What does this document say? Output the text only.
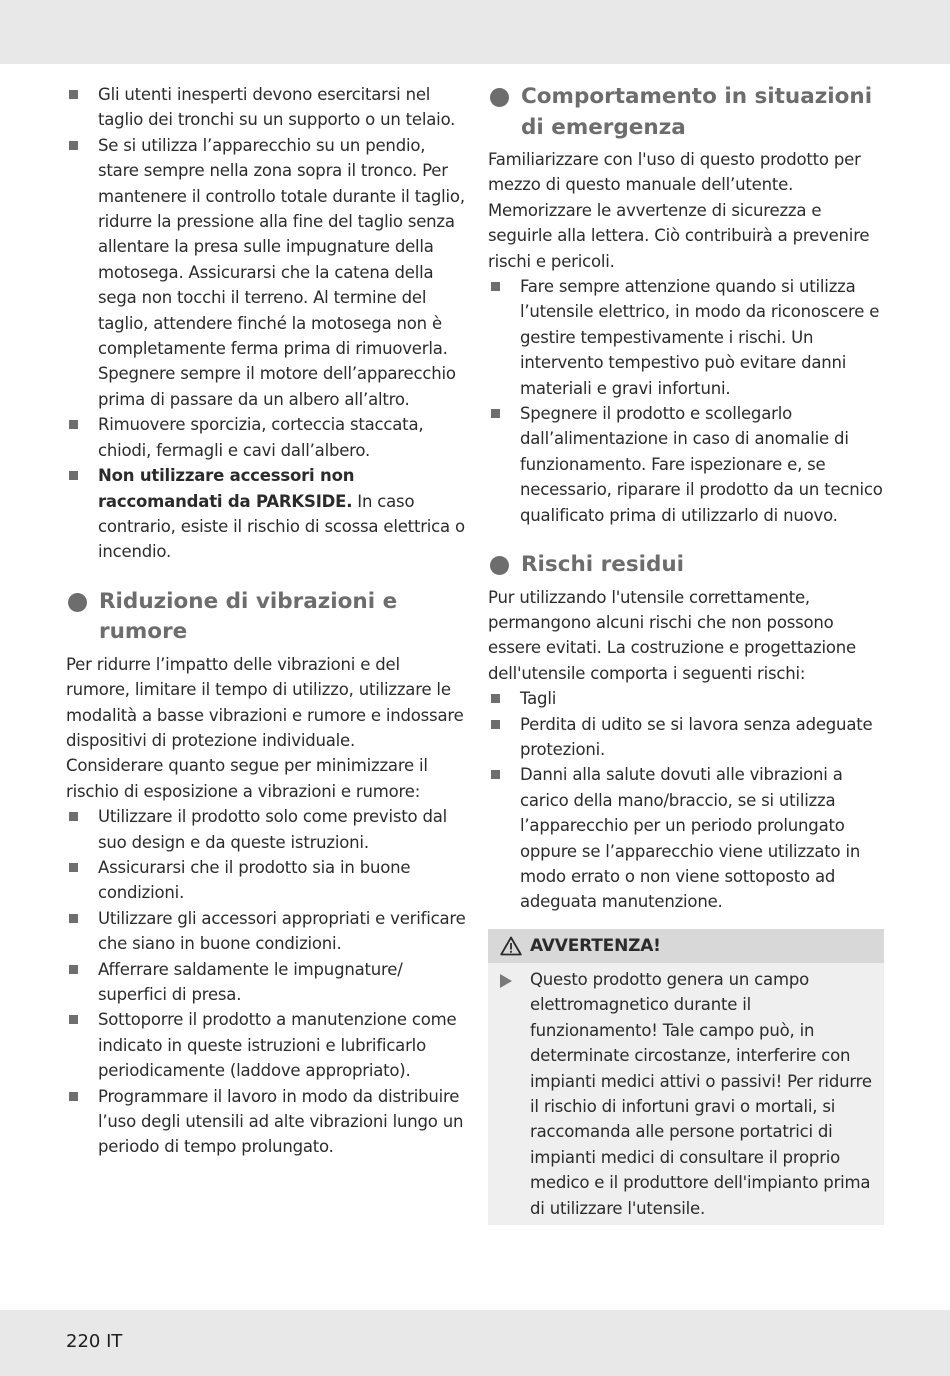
Gli utenti inesperti devono esercitarsi nel taglio dei tronchi su un supporto o un telaio.
Se si utilizza l’apparecchio su un pendio, stare sempre nella zona sopra il tronco. Per mantenere il controllo totale durante il taglio, ridurre la pressione alla fine del taglio senza allentare la presa sulle impugnature della motosega. Assicurarsi che la catena della sega non tocchi il terreno. Al termine del taglio, attendere finché la motosega non è completamente ferma prima di rimuoverla. Spegnere sempre il motore dell’apparecchio prima di passare da un albero all’altro.
Rimuovere sporcizia, corteccia staccata, chiodi, fermagli e cavi dall’albero.
Non utilizzare accessori non raccomandati da PARKSIDE. In caso contrario, esiste il rischio di scossa elettrica o incendio.
Riduzione di vibrazioni e rumore

Per ridurre l’impatto delle vibrazioni e del rumore, limitare il tempo di utilizzo, utilizzare le modalità a basse vibrazioni e rumore e indossare dispositivi di protezione individuale.

Considerare quanto segue per minimizzare il rischio di esposizione a vibrazioni e rumore:

Utilizzare il prodotto solo come previsto dal suo design e da queste istruzioni.
Assicurarsi che il prodotto sia in buone condizioni.
Utilizzare gli accessori appropriati e verificare che siano in buone condizioni.
Afferrare saldamente le impugnature/ superfici di presa.
Sottoporre il prodotto a manutenzione come indicato in queste istruzioni e lubrificarlo periodicamente (laddove appropriato).
Programmare il lavoro in modo da distribuire l’uso degli utensili ad alte vibrazioni lungo un periodo di tempo prolungato.
Comportamento in situazioni di emergenza

Familiarizzare con l'uso di questo prodotto per mezzo di questo manuale dell’utente. Memorizzare le avvertenze di sicurezza e seguirle alla lettera. Ciò contribuirà a prevenire rischi e pericoli.

Fare sempre attenzione quando si utilizza l’utensile elettrico, in modo da riconoscere e gestire tempestivamente i rischi. Un intervento tempestivo può evitare danni materiali e gravi infortuni.
Spegnere il prodotto e scollegarlo dall’alimentazione in caso di anomalie di funzionamento. Fare ispezionare e, se necessario, riparare il prodotto da un tecnico qualificato prima di utilizzarlo di nuovo.
Rischi residui

Pur utilizzando l'utensile correttamente, permangono alcuni rischi che non possono essere evitati. La costruzione e progettazione dell'utensile comporta i seguenti rischi:

Tagli
Perdita di udito se si lavora senza adeguate protezioni.
Danni alla salute dovuti alle vibrazioni a carico della mano/braccio, se si utilizza l’apparecchio per un periodo prolungato oppure se l’apparecchio viene utilizzato in modo errato o non viene sottoposto ad adeguata manutenzione.
AVVERTENZA!
Questo prodotto genera un campo elettromagnetico durante il funzionamento! Tale campo può, in determinate circostanze, interferire con impianti medici attivi o passivi! Per ridurre il rischio di infortuni gravi o mortali, si raccomanda alle persone portatrici di impianti medici di consultare il proprio medico e il produttore dell'impianto prima di utilizzare l'utensile.
220 IT
